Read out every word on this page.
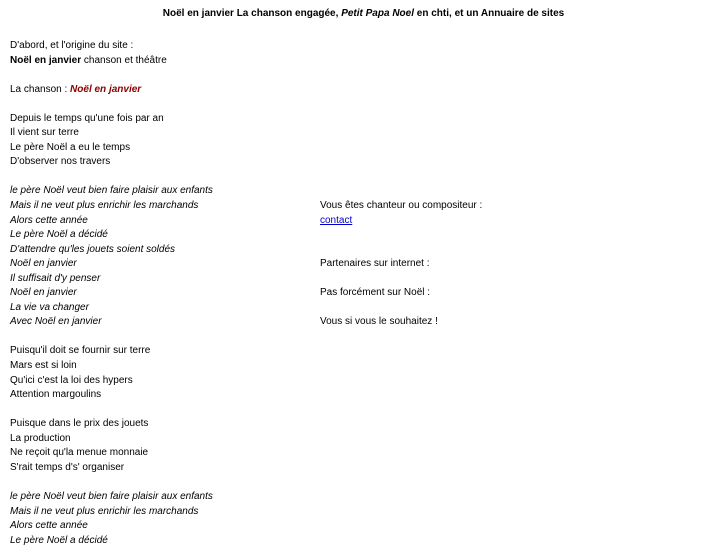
Noël en janvier La chanson engagée, Petit Papa Noel en chti, et un Annuaire de sites
D'abord, et l'origine du site :
Noël en janvier chanson et théâtre
La chanson : Noël en janvier
Depuis le temps qu'une fois par an
Il vient sur terre
Le père Noël a eu le temps
D'observer nos travers
le père Noël veut bien faire plaisir aux enfants
Mais il ne veut plus enrichir les marchands
Alors cette année
Le père Noël a décidé
D'attendre qu'les jouets soient soldés
Noël en janvier
Il suffisait d'y penser
Noël en janvier
La vie va changer
Avec Noël en janvier
Puisqu'il doit se fournir sur terre
Mars est si loin
Qu'ici c'est la loi des hypers
Attention margoulins
Puisque dans le prix des jouets
La production
Ne reçoit qu'la menue monnaie
S'rait temps d's' organiser
le père Noël veut bien faire plaisir aux enfants
Mais il ne veut plus enrichir les marchands
Alors cette année
Le père Noël a décidé
Vous êtes chanteur ou compositeur :
contact
Partenaires sur internet :
Pas forcément sur Noël :
Vous si vous le souhaitez !
